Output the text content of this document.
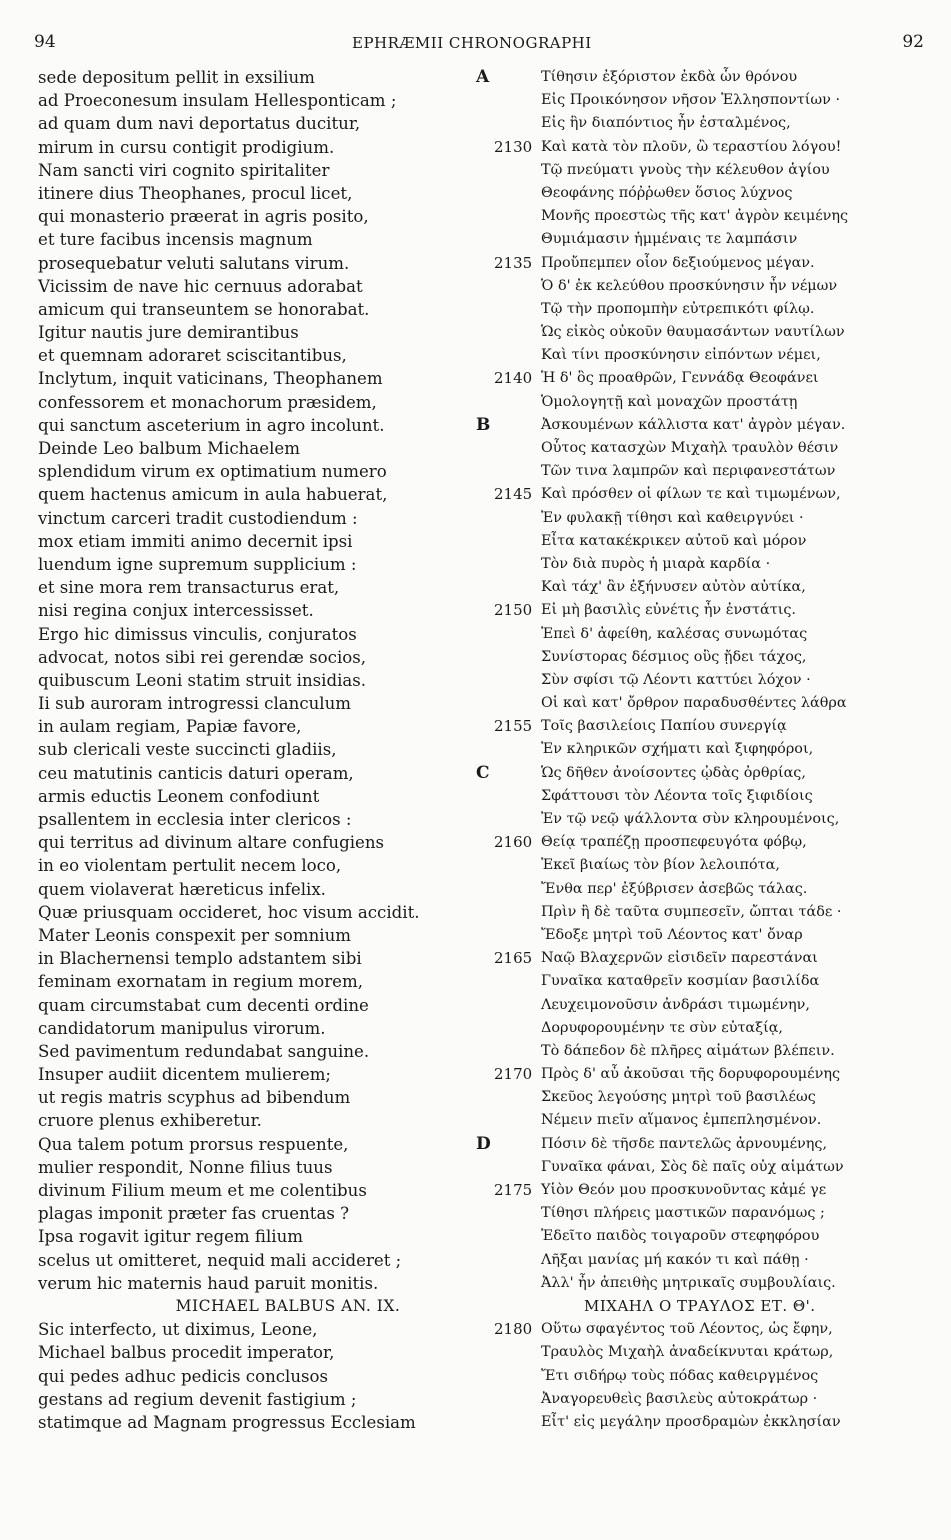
94	EPHRÆMII CHRONOGRAPHI	92
sede depositum pellit in exsilium
ad Proeconesum insulam Hellesponticam ;
ad quam dum navi deportatus ducitur,
mirum in cursu contigit prodigium.
Nam sancti viri cognito spiritaliter
itinere dius Theophanes, procul licet,
qui monasterio præerat in agris posito,
et ture facibus incensis magnum
prosequebatur veluti salutans virum.
Vicissim de nave hic cernuus adorabat
amicum qui transeuntem se honorabat.
Igitur nautis jure demirantibus
et quemnam adoraret sciscitantibus,
Inclytum, inquit vaticinans, Theophanem
confessorem et monachorum præsidem,
qui sanctum asceterium in agro incolunt.
Deinde Leo balbum Michaelem
splendidum virum ex optimatium numero
quem hactenus amicum in aula habuerat,
vinctum carceri tradit custodiendum :
mox etiam immiti animo decernit ipsi
luendum igne supremum supplicium :
et sine mora rem transacturus erat,
nisi regina conjux intercessisset.
Ergo hic dimissus vinculis, conjuratos
advocat, notos sibi rei gerendæ socios,
quibuscum Leoni statim struit insidias.
Ii sub auroram introgressi clanculum
in aulam regiam, Papiæ favore,
sub clericali veste succincti gladiis,
ceu matutinis canticis daturi operam,
armis eductis Leonem confodiunt
psallentem in ecclesia inter clericos :
qui territus ad divinum altare confugiens
in eo violentam pertulit necem loco,
quem violaverat hæreticus infelix.
Quæ priusquam occideret, hoc visum accidit.
Mater Leonis conspexit per somnium
in Blachernensi templo adstantem sibi
feminam exornatam in regium morem,
quam circumstabat cum decenti ordine
candidatorum manipulus virorum.
Sed pavimentum redundabat sanguine.
Insuper audiit dicentem mulierem;
ut regis matris scyphus ad bibendum
cruore plenus exhiberetur.
Qua talem potum prorsus respuente,
mulier respondit, Nonne filius tuus
divinum Filium meum et me colentibus
plagas imponit præter fas cruentas ?
Ipsa rogavit igitur regem filium
scelus ut omitteret, nequid mali accideret ;
verum hic maternis haud paruit monitis.
MICHAEL BALBUS AN. IX.
Sic interfecto, ut diximus, Leone,
Michael balbus procedit imperator,
qui pedes adhuc pedicis conclusos
gestans ad regium devenit fastigium ;
statimque ad Magnam progressus Ecclesiam
A	Τίθησιν ἐξόριστον ἐκδὰ ὧν θρόνου
Εἰς Προικόνησον νῆσον Ἑλλησποντίων ·
Εἰς ἣν διαπόντιος ἦν ἐσταλμένος,
2130 Καὶ κατὰ τὸν πλοῦν, ὢ τεραστίου λόγου!
Τῷ πνεύματι γνοὺς τὴν κέλευθον ἁγίου
Θεοφάνης πόῤῥωθεν ὅσιος λύχνος
Μονῆς προεστὼς τῆς κατ' ἀγρὸν κειμένης
Θυμιάμασιν ἡμμέναις τε λαμπάσιν
2135 Προὔπεμπεν οἷον δεξιούμενος μέγαν.
Ὁ δ' ἐκ κελεύθου προσκύνησιν ἦν νέμων
Τῷ τὴν προπομπὴν εὐτρεπικότι φίλῳ.
Ὡς εἰκὸς οὐκοῦν θαυμασάντων ναυτίλων
Καὶ τίνι προσκύνησιν εἰπόντων νέμει,
2140 Ἡ δ' ὃς προαθρῶν, Γεννάδᾳ Θεοφάνει
Ὁμολογητῇ καὶ μοναχῶν προστάτῃ
B	Ἀσκουμένων κάλλιστα κατ' ἀγρὸν μέγαν.
Οὗτος κατασχὼν Μιχαὴλ τραυλὸν θέσιν
Τῶν τινα λαμπρῶν καὶ περιφανεστάτων
2145 Καὶ πρόσθεν οἱ φίλων τε καὶ τιμωμένων,
Ἐν φυλακῇ τίθησι καὶ καθειργνύει ·
Εἶτα κατακέκρικεν αὐτοῦ καὶ μόρον
Τὸν διὰ πυρὸς ἡ μιαρὰ καρδία ·
Καὶ τάχ' ἂν ἐξήνυσεν αὐτὸν αὐτίκα,
2150 Εἰ μὴ βασιλὶς εὐνέτις ἦν ἐνστάτις.
Ἐπεὶ δ' ἀφείθη, καλέσας συνωμότας
Συνίστορας δέσμιος οὓς ᾔδει τάχος,
Σὺν σφίσι τῷ Λέοντι καττύει λόχον ·
Οἱ καὶ κατ' ὄρθρον παραδυσθέντες λάθρα
2155 Τοῖς βασιλείοις Παπίου συνεργίᾳ
Ἐν κληρικῶν σχήματι καὶ ξιφηφόροι,
C	Ὡς δῆθεν ἀνοίσοντες ᾠδὰς ὀρθρίας,
Σφάττουσι τὸν Λέοντα τοῖς ξιφιδίοις
Ἐν τῷ νεῷ ψάλλοντα σὺν κληρουμένοις,
2160 Θείᾳ τραπέζῃ προσπεφευγότα φόβῳ,
Ἐκεῖ βιαίως τὸν βίον λελοιπότα,
Ἔνθα περ' ἐξύβρισεν ἀσεβῶς τάλας.
Πρὶν ἢ δὲ ταῦτα συμπεσεῖν, ὤπται τάδε ·
Ἔδοξε μητρὶ τοῦ Λέοντος κατ' ὄναρ
2165 Ναῷ Βλαχερνῶν εἰσιδεῖν παρεστάναι
Γυναῖκα καταθρεῖν κοσμίαν βασιλίδα
Λευχειμονοῦσιν ἀνδράσι τιμωμένην,
Δορυφορουμένην τε σὺν εὐταξίᾳ,
Τὸ δάπεδον δὲ πλῆρες αἱμάτων βλέπειν.
2170 Πρὸς δ' αὖ ἀκοῦσαι τῆς δορυφορουμένης
Σκεῦος λεγούσης μητρὶ τοῦ βασιλέως
Νέμειν πιεῖν αἵμανος ἐμπεπλησμένον.
D	Πόσιν δὲ τῆσδε παντελῶς ἀρνουμένης,
Γυναῖκα φάναι, Σὸς δὲ παῖς οὐχ αἱμάτων
2175 Υἱὸν Θεόν μου προσκυνοῦντας κἀμέ γε
Τίθησι πλήρεις μαστικῶν παρανόμως ;
Ἐδεῖτο παιδὸς τοιγαροῦν στεφηφόρου
Λῆξαι μανίας μή κακόν τι καὶ πάθῃ ·
Ἀλλ' ἦν ἀπειθὴς μητρικαῖς συμβουλίαις.
ΜΙΧΑΗΛ Ο ΤΡΑΥΛΟΣ ΕΤ. Θ'.
2180 Οὕτω σφαγέντος τοῦ Λέοντος, ὡς ἔφην,
Τραυλὸς Μιχαὴλ ἀναδείκνυται κράτωρ,
Ἔτι σιδήρῳ τοὺς πόδας καθειργμένος
Ἀναγορευθεὶς βασιλεὺς αὐτοκράτωρ ·
Εἶτ' εἰς μεγάλην προσδραμὼν ἐκκλησίαν
